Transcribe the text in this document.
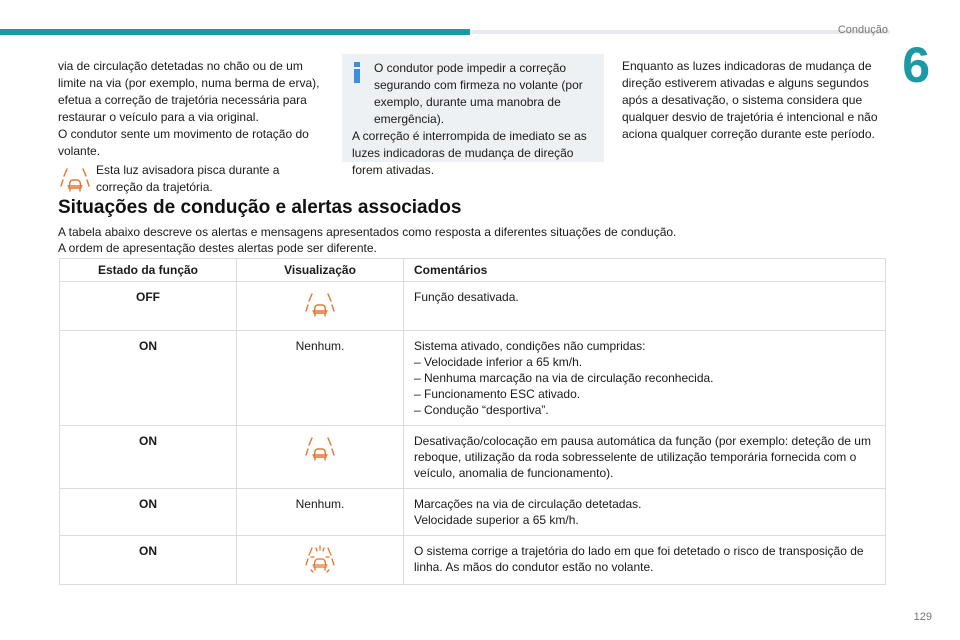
Condução
6
129

via de circulação detetadas no chão ou de um limite na via (por exemplo, numa berma de erva), efetua a correção de trajetória necessária para restaurar o veículo para a via original.

O condutor sente um movimento de rotação do volante.

Esta luz avisadora pisca durante a correção da trajetória.
O condutor pode impedir a correção segurando com firmeza no volante (por exemplo, durante uma manobra de emergência).
A correção é interrompida de imediato se as luzes indicadoras de mudança de direção forem ativadas.
Enquanto as luzes indicadoras de mudança de direção estiverem ativadas e alguns segundos após a desativação, o sistema considera que qualquer desvio de trajetória é intencional e não aciona qualquer correção durante este período.
Situações de condução e alertas associados

A tabela abaixo descreve os alertas e mensagens apresentados como resposta a diferentes situações de condução.

A ordem de apresentação destes alertas pode ser diferente.

Estado da função	Visualização	Comentários
OFF		Função desativada.

ON	Nenhum.	Sistema ativado, condições não cumpridas:
– Velocidade inferior a 65 km/h.
– Nenhuma marcação na via de circulação reconhecida.
– Funcionamento ESC ativado.
– Condução “desportiva”.

ON		Desativação/colocação em pausa automática da função (por exemplo: deteção de um reboque, utilização da roda sobresselente de utilização temporária fornecida com o veículo, anomalia de funcionamento).

ON	Nenhum.	Marcações na via de circulação detetadas.
Velocidade superior a 65 km/h.

ON		O sistema corrige a trajetória do lado em que foi detetado o risco de transposição de linha. As mãos do condutor estão no volante.
